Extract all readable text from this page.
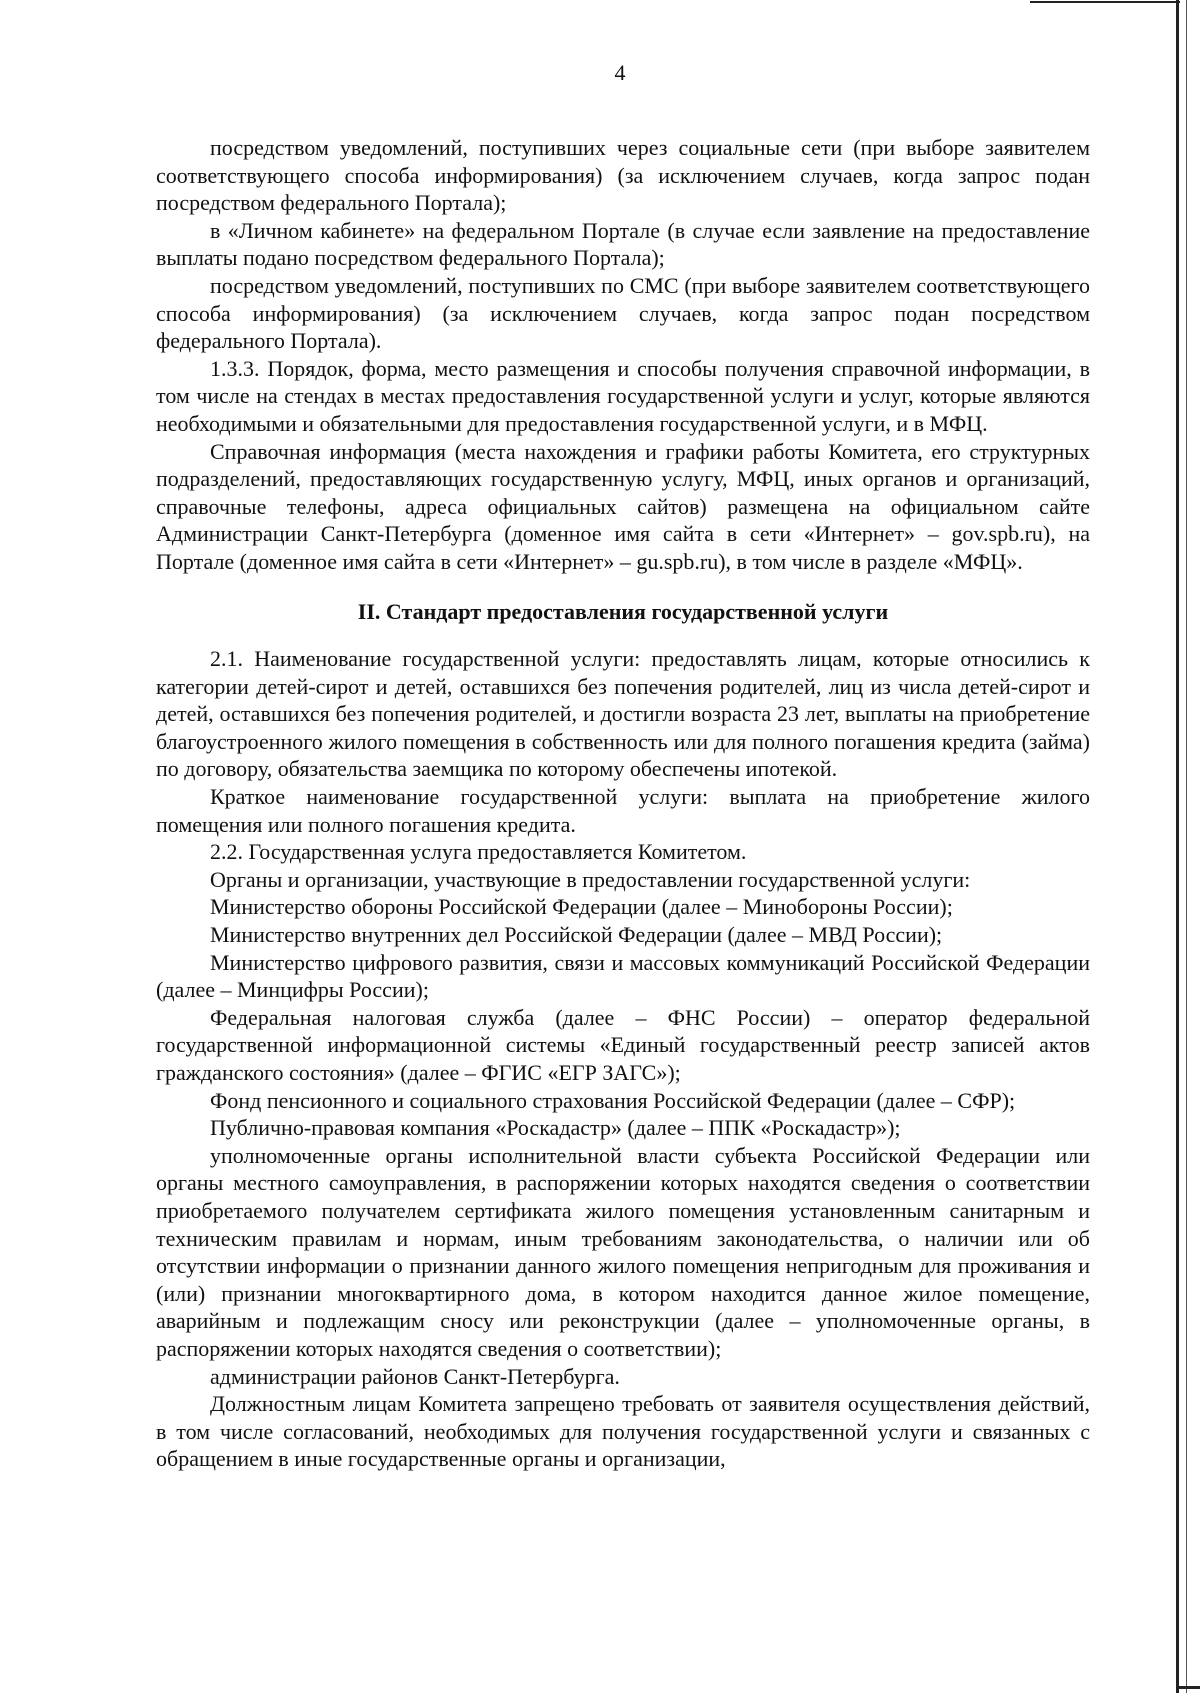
4

посредством уведомлений, поступивших через социальные сети (при выборе заявителем соответствующего способа информирования) (за исключением случаев, когда запрос подан посредством федерального Портала);

в «Личном кабинете» на федеральном Портале (в случае если заявление на предоставление выплаты подано посредством федерального Портала);

посредством уведомлений, поступивших по СМС (при выборе заявителем соответствующего способа информирования) (за исключением случаев, когда запрос подан посредством федерального Портала).

1.3.3. Порядок, форма, место размещения и способы получения справочной информации, в том числе на стендах в местах предоставления государственной услуги и услуг, которые являются необходимыми и обязательными для предоставления государственной услуги, и в МФЦ.

Справочная информация (места нахождения и графики работы Комитета, его структурных подразделений, предоставляющих государственную услугу, МФЦ, иных органов и организаций, справочные телефоны, адреса официальных сайтов) размещена на официальном сайте Администрации Санкт-Петербурга (доменное имя сайта в сети «Интернет» – gov.spb.ru), на Портале (доменное имя сайта в сети «Интернет» – gu.spb.ru), в том числе в разделе «МФЦ».

II. Стандарт предоставления государственной услуги

2.1. Наименование государственной услуги: предоставлять лицам, которые относились к категории детей-сирот и детей, оставшихся без попечения родителей, лиц из числа детей-сирот и детей, оставшихся без попечения родителей, и достигли возраста 23 лет, выплаты на приобретение благоустроенного жилого помещения в собственность или для полного погашения кредита (займа) по договору, обязательства заемщика по которому обеспечены ипотекой.

Краткое наименование государственной услуги: выплата на приобретение жилого помещения или полного погашения кредита.

2.2. Государственная услуга предоставляется Комитетом.

Органы и организации, участвующие в предоставлении государственной услуги:

Министерство обороны Российской Федерации (далее – Минобороны России);

Министерство внутренних дел Российской Федерации (далее – МВД России);

Министерство цифрового развития, связи и массовых коммуникаций Российской Федерации (далее – Минцифры России);

Федеральная налоговая служба (далее – ФНС России) – оператор федеральной государственной информационной системы «Единый государственный реестр записей актов гражданского состояния» (далее – ФГИС «ЕГР ЗАГС»);

Фонд пенсионного и социального страхования Российской Федерации (далее – СФР);

Публично-правовая компания «Роскадастр» (далее – ППК «Роскадастр»);

уполномоченные органы исполнительной власти субъекта Российской Федерации или органы местного самоуправления, в распоряжении которых находятся сведения о соответствии приобретаемого получателем сертификата жилого помещения установленным санитарным и техническим правилам и нормам, иным требованиям законодательства, о наличии или об отсутствии информации о признании данного жилого помещения непригодным для проживания и (или) признании многоквартирного дома, в котором находится данное жилое помещение, аварийным и подлежащим сносу или реконструкции (далее – уполномоченные органы, в распоряжении которых находятся сведения о соответствии);

администрации районов Санкт-Петербурга.

Должностным лицам Комитета запрещено требовать от заявителя осуществления действий, в том числе согласований, необходимых для получения государственной услуги и связанных с обращением в иные государственные органы и организации,
